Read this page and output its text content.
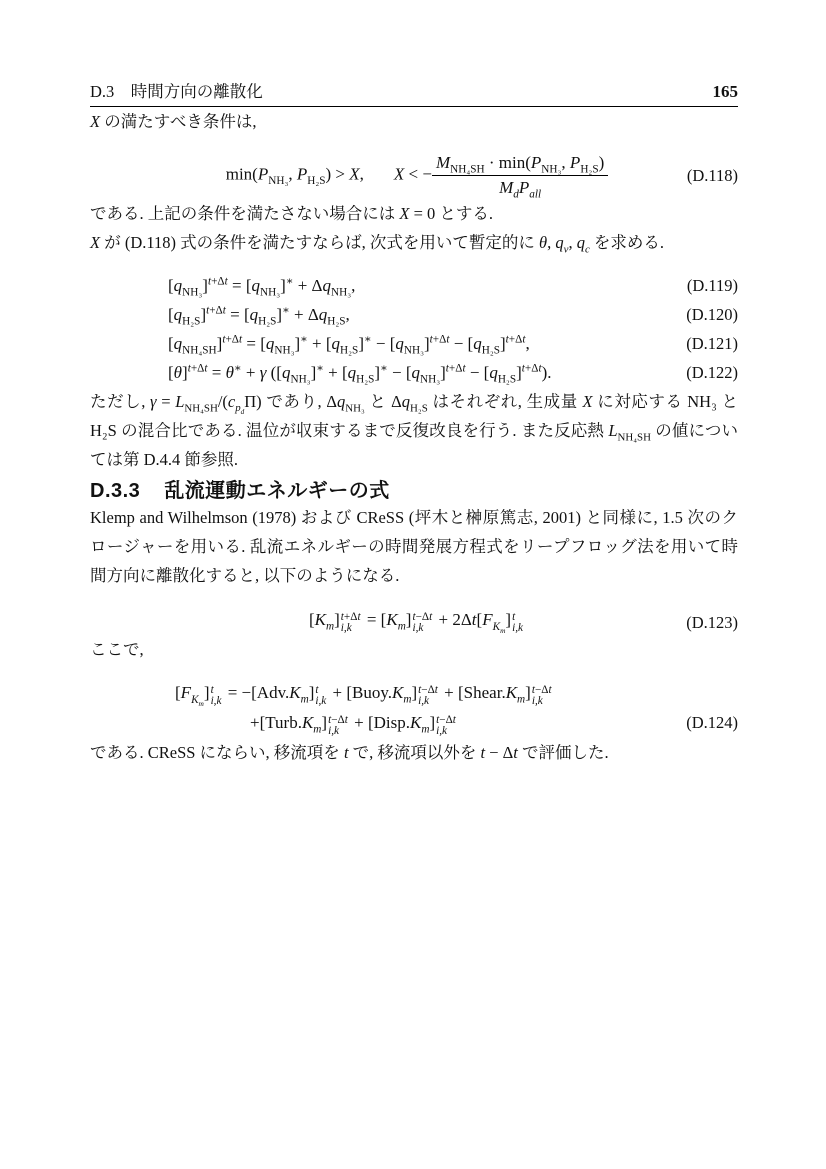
D.3　時間方向の離散化	165

X の満たすべき条件は,

$\min(P_{NH_3}$, $P_{H_2S}) > X$, X < − $\frac{M_{NH_4SH} \cdot \min(P_{NH_3}, P_{H_2S})}{M_dP_{all}}$	(D.118)

である. 上記の条件を満たさない場合には X = 0 とする.

X が (D.118) 式の条件を満たすならば, 次式を用いて暫定的に θ, $q_v$, $q_c$ を求める.

$[q_{NH_3}]^{t+\Delta t} = [q_{NH_3}]^∗ + \Delta q_{NH_3}$,	(D.119)
$[q_{H_2S}]^{t+\Delta t} = [q_{H_2S}]^∗ + \Delta q_{H_2S}$,	(D.120)
$[q_{NH_4SH}]^{t+\Delta t} = [q_{NH_3}]^∗ + [q_{H_2S}]^∗ - [q_{NH_3}]^{t+\Delta t} - [q_{H_2S}]^{t+\Delta t}$,	(D.121)
$[\theta]^{t+\Delta t} = \theta^∗ + \gamma$ $([q_{NH_3}]^∗ + [q_{H_2S}]^∗ - [q_{NH_3}]^{t+\Delta t} - [q_{H_2S}]^{t+\Delta t})$.	(D.122)

ただし, $\gamma = L_{NH_4SH}/(c_{p_d}\Pi)$ であり, $\Delta q_{NH_3}$ と $\Delta q_{H_2S}$ はそれぞれ, 生成量 X に対応する NH₃ と H₂S の混合比である. 温位が収束するまで反復改良を行う. また反応熱 $L_{NH_4SH}$ の値については第 D.4.4 節参照.

D.3.3 乱流運動エネルギーの式

Klemp and Wilhelmson (1978) および CReSS (坪木と榊原篤志, 2001) と同様に, 1.5 次のクロージャーを用いる. 乱流エネルギーの時間発展方程式をリープフロッグ法を用いて時間方向に離散化すると, 以下のようになる.

$[K_m]$ t+Δt
$i,k = [K_m]$ t−Δt
$i,k + 2\Delta t[F_{K_m}]$ t
i,k	(D.123)

ここで,

$[F_{K_m}]$ t
$i,k = -[Adv.K_m]$ t
$i,k + [Buoy.K_m]$ t−Δt
$i,k + [Shear.K_m]$ t−Δt
i,k
$+[Turb.K_m]$ t−Δt
$i,k + [Disp.K_m]$ t−Δt
i,k	(D.124)

である. CReSS にならい, 移流項を t で, 移流項以外を t − Δt で評価した.
